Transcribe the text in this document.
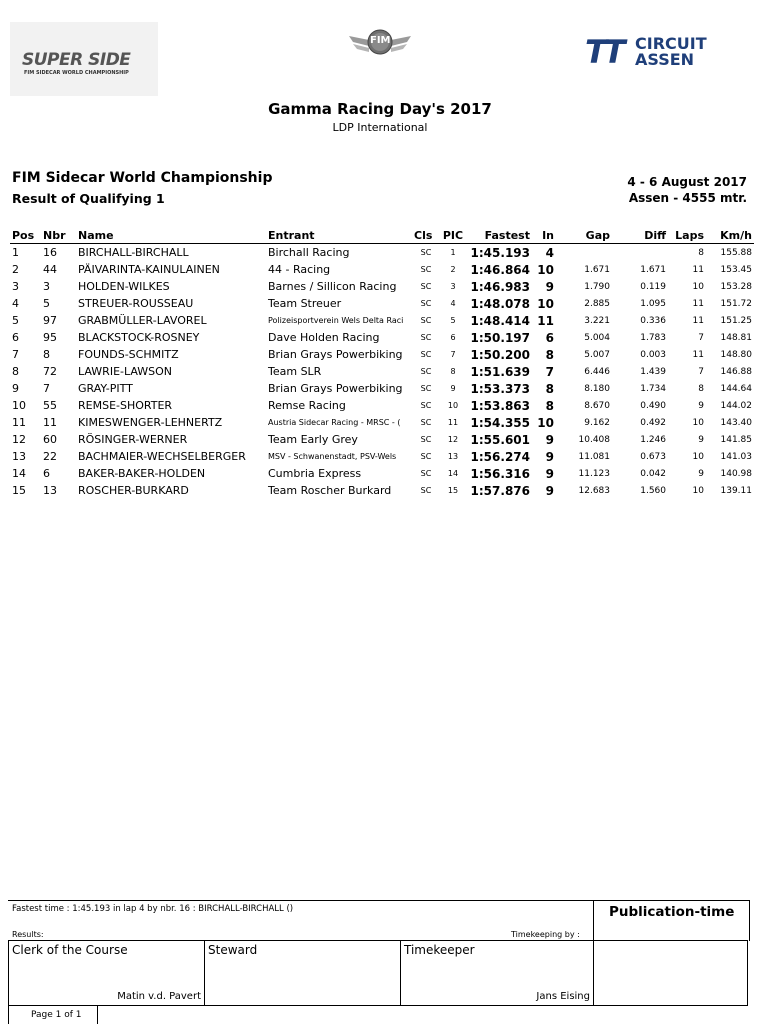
SUPER SIDE
FIM SIDECAR WORLD CHAMPIONSHIP
FIM	TT CIRCUIT
ASSEN
Gamma Racing Day's 2017
LDP International
FIM Sidecar World Championship
Result of Qualifying 1
4 - 6 August 2017
Assen - 4555 mtr.
Pos	Nbr	Name	Entrant	Cls	PIC	Fastest	In	Gap	Diff	Laps	Km/h
1	16	BIRCHALL-BIRCHALL	Birchall Racing	SC	1	1:45.193	4			8	155.88
2	44	PÄIVARINTA-KAINULAINEN	44 - Racing	SC	2	1:46.864	10	1.671	1.671	11	153.45
3	3	HOLDEN-WILKES	Barnes / Sillicon Racing	SC	3	1:46.983	9	1.790	0.119	10	153.28
4	5	STREUER-ROUSSEAU	Team Streuer	SC	4	1:48.078	10	2.885	1.095	11	151.72
5	97	GRABMÜLLER-LAVOREL	Polizeisportverein Wels Delta Raci	SC	5	1:48.414	11	3.221	0.336	11	151.25
6	95	BLACKSTOCK-ROSNEY	Dave Holden Racing	SC	6	1:50.197	6	5.004	1.783	7	148.81
7	8	FOUNDS-SCHMITZ	Brian Grays Powerbiking	SC	7	1:50.200	8	5.007	0.003	11	148.80
8	72	LAWRIE-LAWSON	Team SLR	SC	8	1:51.639	7	6.446	1.439	7	146.88
9	7	GRAY-PITT	Brian Grays Powerbiking	SC	9	1:53.373	8	8.180	1.734	8	144.64
10	55	REMSE-SHORTER	Remse Racing	SC	10	1:53.863	8	8.670	0.490	9	144.02
11	11	KIMESWENGER-LEHNERTZ	Austria Sidecar Racing - MRSC - (	SC	11	1:54.355	10	9.162	0.492	10	143.40
12	60	RÖSINGER-WERNER	Team Early Grey	SC	12	1:55.601	9	10.408	1.246	9	141.85
13	22	BACHMAIER-WECHSELBERGER	MSV - Schwanenstadt, PSV-Wels	SC	13	1:56.274	9	11.081	0.673	10	141.03
14	6	BAKER-BAKER-HOLDEN	Cumbria Express	SC	14	1:56.316	9	11.123	0.042	9	140.98
15	13	ROSCHER-BURKARD	Team Roscher Burkard	SC	15	1:57.876	9	12.683	1.560	10	139.11
Fastest time : 1:45.193 in lap 4 by nbr. 16 : BIRCHALL-BIRCHALL ()	Publication-time
Results:	Timekeeping by :
Clerk of the Course
Matin v.d. Pavert
Steward	Timekeeper
Jans Eising
Page 1 of 1
